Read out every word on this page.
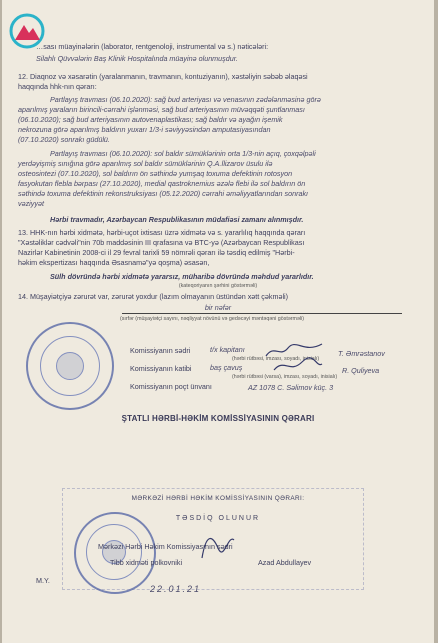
…sası müayinələrin (laborator, rentgenoloji, instrumental və s.) nəticələri:
Silahlı Qüvvələrin Baş Klinik Hospitalında müayinə olunmuşdur.
12. Diaqnoz və xəsarətin (yaralanmanın, travmanın, kontuziyanın), xəstəliyin səbəb əlaqəsi
haqqında hhk-nın qərarı:
Partlayış travması (06.10.2020): sağ bud arteriyası və venasının zədələnməsinə görə
aparılmış yaraların birincili-cərrahi işlənməsi, sağ bud arteriyasının müvəqqəti şuntlanması
(06.10.2020); sağ bud arteriyasının autovenaplastikası; sağ baldır və ayağın işemik
nekrozuna görə aparılmış baldırın yuxarı 1/3-i səviyyəsindən amputasiyasından
(07.10.2020) sonrakı güdülü.
Partlayış travması (06.10.2020): sol baldır sümüklərinin orta 1/3-nin açıq, çoxqəlpəli
yerdəyişmiş sınığına görə aparılmış sol baldır sümüklərinin Q.A.İlizarov üsulu ilə
osteosintezi (07.10.2020), sol baldırın ön səthində yumşaq toxuma defektinin rotosyon
fasyokutan flebla bərpası (27.10.2020), medial qastroknemius əzələ flebi ilə sol baldırın ön
səthində toxuma defektinin rekonstruksiyası (05.12.2020) cərrahi əməliyyatlarından sonrakı
vəziyyət
Hərbi travmadır, Azərbaycan Respublikasının müdafiəsi zamanı alınmışdır.
13. HHK-nın hərbi xidmətə, hərbi-uçot ixtisası üzrə xidmətə və s. yararlılıq haqqında qərarı
"Xəstəliklər cədvəli"nin 70b maddəsinin III qrafasına və BTC-yə (Azərbaycan Respublikası
Nazirlər Kabinetinin 2008-ci il 29 fevral tarixli 59 nömrəli qərarı ilə təsdiq edilmiş "Hərbi-
həkim ekspertizası haqqında Əsasnamə"yə qoşma) əsasən,
Sülh dövründə hərbi xidmətə yararsız, müharibə dövründə məhdud yararlıdır.
(kateqoriyanın şərhini göstərməli)
14. Müşayiətçiyə zərurət var, zərurət yoxdur (lazım olmayanın üstündən xətt çəkməli)
bir nəfər
(sırfər (müşayiətçi sayını, nəqliyyat növünü və gedəcəyi məntəqəni göstərməli)
Komissiyanın sədri	t/x kapitanı	T. Əmrəstanov
(hərbi rütbəsi, imzası, soyadı, inisialı)
Komissiyanın katibi	baş çavuş	R. Quliyeva
(hərbi rütbəsi (varsa), imzası, soyadı, inisialı)
Komissiyanın poçt ünvanı	AZ 1078 C. Səlimov küç. 3
ŞTATLI HƏRBİ-HƏKİM KOMİSSİYASININ QƏRARI
MƏRKƏZİ HƏRBİ HƏKİM KOMİSSİYASININ QƏRARI:
TƏSDİQ OLUNUR
Mərkəzi Hərbi Həkim Komissiyasının sədri
Tibb xidməti polkovniki	Azad Abdullayev
M.Y.
22.01.21
